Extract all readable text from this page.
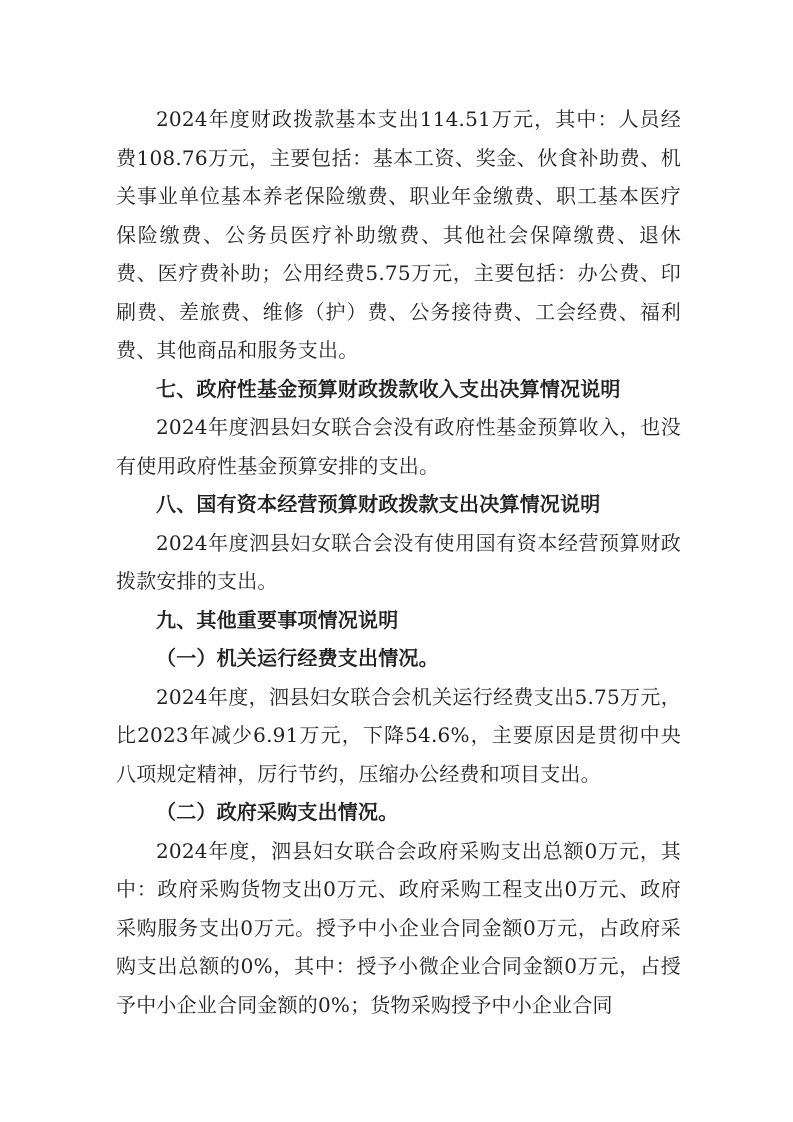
2024年度财政拨款基本支出114.51万元，其中：人员经费108.76万元，主要包括：基本工资、奖金、伙食补助费、机关事业单位基本养老保险缴费、职业年金缴费、职工基本医疗保险缴费、公务员医疗补助缴费、其他社会保障缴费、退休费、医疗费补助；公用经费5.75万元，主要包括：办公费、印刷费、差旅费、维修（护）费、公务接待费、工会经费、福利费、其他商品和服务支出。

七、政府性基金预算财政拨款收入支出决算情况说明

2024年度泗县妇女联合会没有政府性基金预算收入，也没有使用政府性基金预算安排的支出。

八、国有资本经营预算财政拨款支出决算情况说明

2024年度泗县妇女联合会没有使用国有资本经营预算财政拨款安排的支出。

九、其他重要事项情况说明
（一）机关运行经费支出情况。

2024年度，泗县妇女联合会机关运行经费支出5.75万元，比2023年减少6.91万元，下降54.6%，主要原因是贯彻中央八项规定精神，厉行节约，压缩办公经费和项目支出。

（二）政府采购支出情况。

2024年度，泗县妇女联合会政府采购支出总额0万元，其中：政府采购货物支出0万元、政府采购工程支出0万元、政府采购服务支出0万元。授予中小企业合同金额0万元，占政府采购支出总额的0%，其中：授予小微企业合同金额0万元，占授予中小企业合同金额的0%；货物采购授予中小企业合同
